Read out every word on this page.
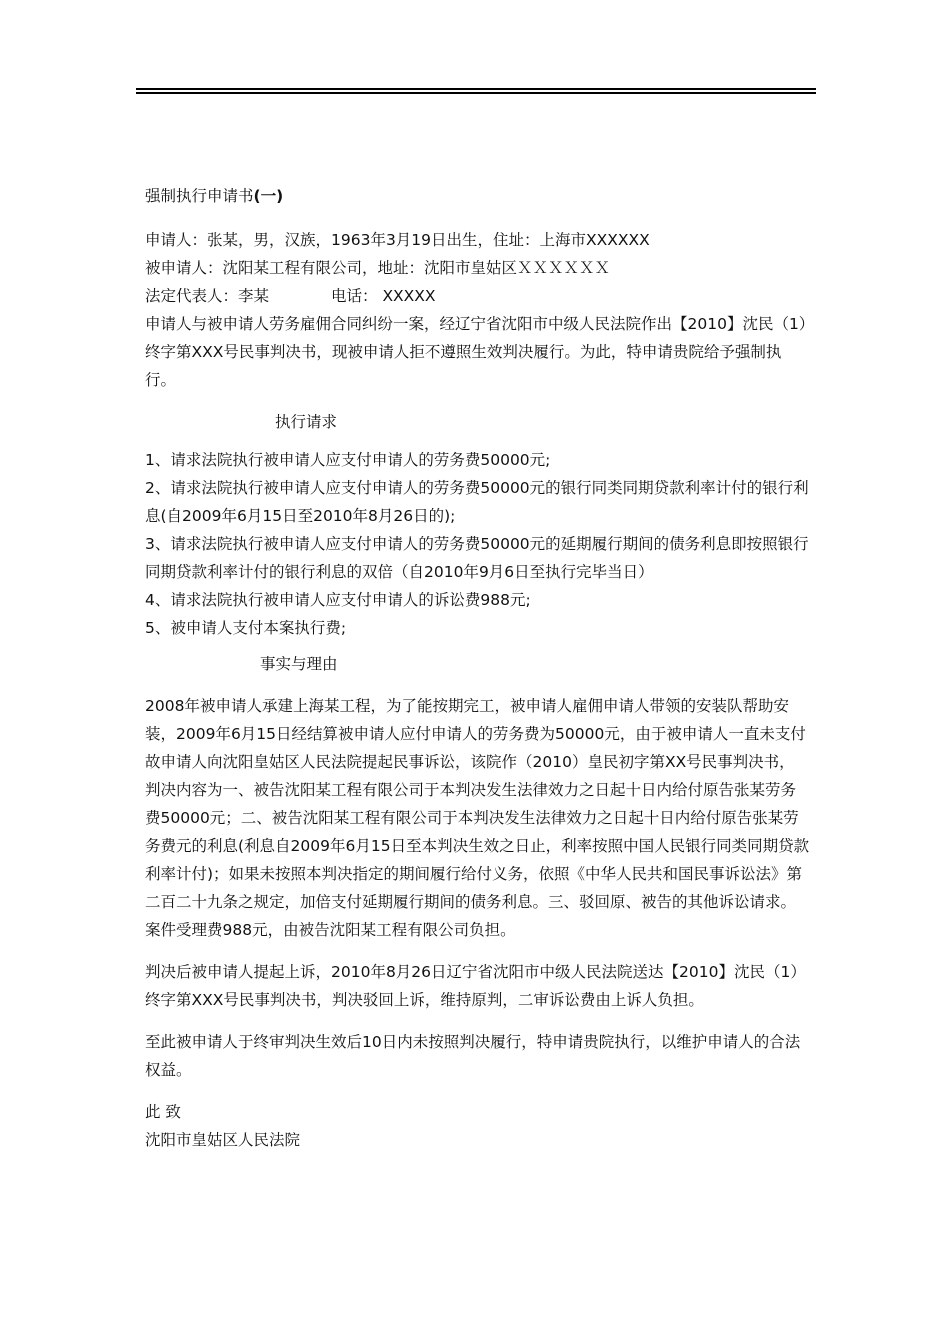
强制执行申请书(一)

申请人：张某，男，汉族，1963年3月19日出生，住址：上海市XXXXXX

被申请人：沈阳某工程有限公司，地址：沈阳市皇姑区ＸＸＸＸＸＸ

法定代表人：李某	电话： XXXXX

申请人与被申请人劳务雇佣合同纠纷一案，经辽宁省沈阳市中级人民法院作出【2010】沈民（1）终字第XXX号民事判决书，现被申请人拒不遵照生效判决履行。为此，特申请贵院给予强制执行。

执行请求

1、请求法院执行被申请人应支付申请人的劳务费50000元;

2、请求法院执行被申请人应支付申请人的劳务费50000元的银行同类同期贷款利率计付的银行利息(自2009年6月15日至2010年8月26日的);

3、请求法院执行被申请人应支付申请人的劳务费50000元的延期履行期间的债务利息即按照银行同期贷款利率计付的银行利息的双倍（自2010年9月6日至执行完毕当日）

4、请求法院执行被申请人应支付申请人的诉讼费988元;

5、被申请人支付本案执行费;

事实与理由

2008年被申请人承建上海某工程，为了能按期完工，被申请人雇佣申请人带领的安装队帮助安装，2009年6月15日经结算被申请人应付申请人的劳务费为50000元，由于被申请人一直未支付故申请人向沈阳皇姑区人民法院提起民事诉讼，该院作（2010）皇民初字第XX号民事判决书，判决内容为一、被告沈阳某工程有限公司于本判决发生法律效力之日起十日内给付原告张某劳务费50000元；二、被告沈阳某工程有限公司于本判决发生法律效力之日起十日内给付原告张某劳务费元的利息(利息自2009年6月15日至本判决生效之日止，利率按照中国人民银行同类同期贷款利率计付)；如果未按照本判决指定的期间履行给付义务，依照《中华人民共和国民事诉讼法》第二百二十九条之规定，加倍支付延期履行期间的债务利息。三、驳回原、被告的其他诉讼请求。案件受理费988元，由被告沈阳某工程有限公司负担。

判决后被申请人提起上诉，2010年8月26日辽宁省沈阳市中级人民法院送达【2010】沈民（1）终字第XXX号民事判决书，判决驳回上诉，维持原判，二审诉讼费由上诉人负担。

至此被申请人于终审判决生效后10日内未按照判决履行，特申请贵院执行，以维护申请人的合法权益。

此 致

沈阳市皇姑区人民法院
